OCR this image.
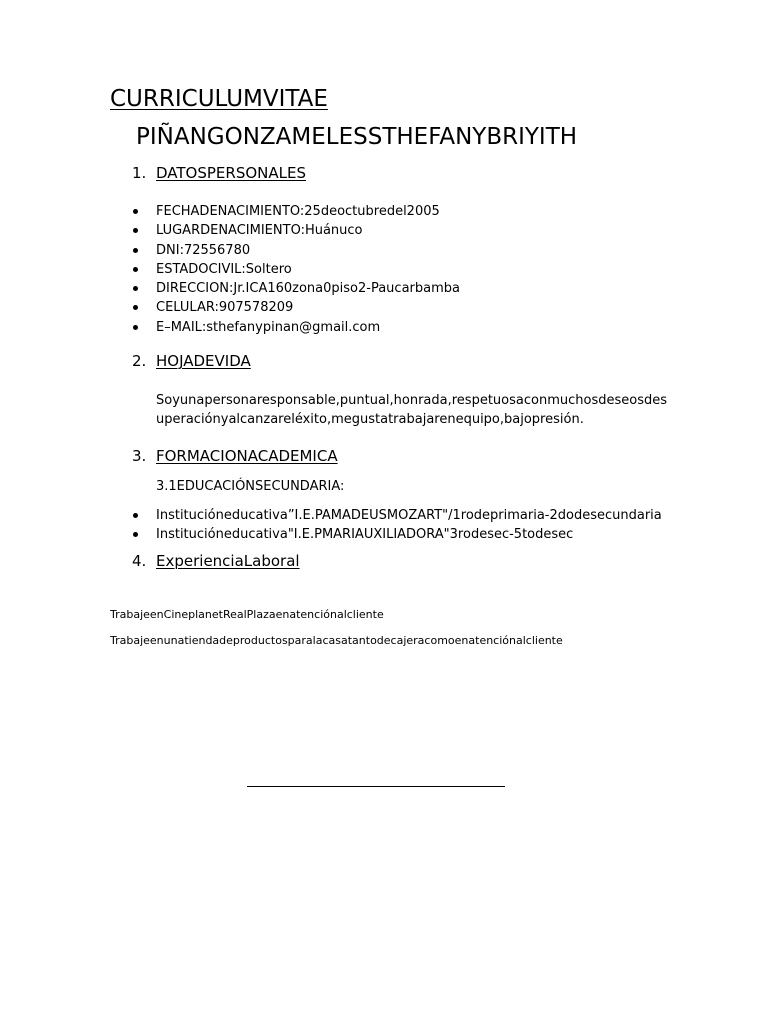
CURRICULUMVITAE
PIÑANGONZAMELESSTHEFANYBRIYITH
1. DATOSPERSONALES
FECHADENACIMIENTO:25deoctubredel2005
LUGARDENACIMIENTO:Huánuco
DNI:72556780
ESTADOCIVIL:Soltero
DIRECCION:Jr.ICA160zona0piso2-Paucarbamba
CELULAR:907578209
E–MAIL:sthefanypinan@gmail.com
2. HOJADEVIDA
Soyunapersonaresponsable,puntual,honrada,respetuosaconmuchosdeseosdes
uperaciónyalcanzareléxito,megustatrabajarenequipo,bajopresión.
3. FORMACIONACADEMICA
3.1EDUCACIÓNSECUNDARIA:
Instituciónеducativa”I.E.PAMADEUSMOZART"/1rodeprimaria-2dodesecundaria
Instituciónеducativa"I.E.PMARIAUXILIADORA"3rodesec-5todesec
4. ExperienciaLaboral
TrabajeenCineplanetRealPlazaenatenciónalcliente
Trabajeenunatiendadeproductosparalacasatantodecajeracomoenatenciónalcliente
